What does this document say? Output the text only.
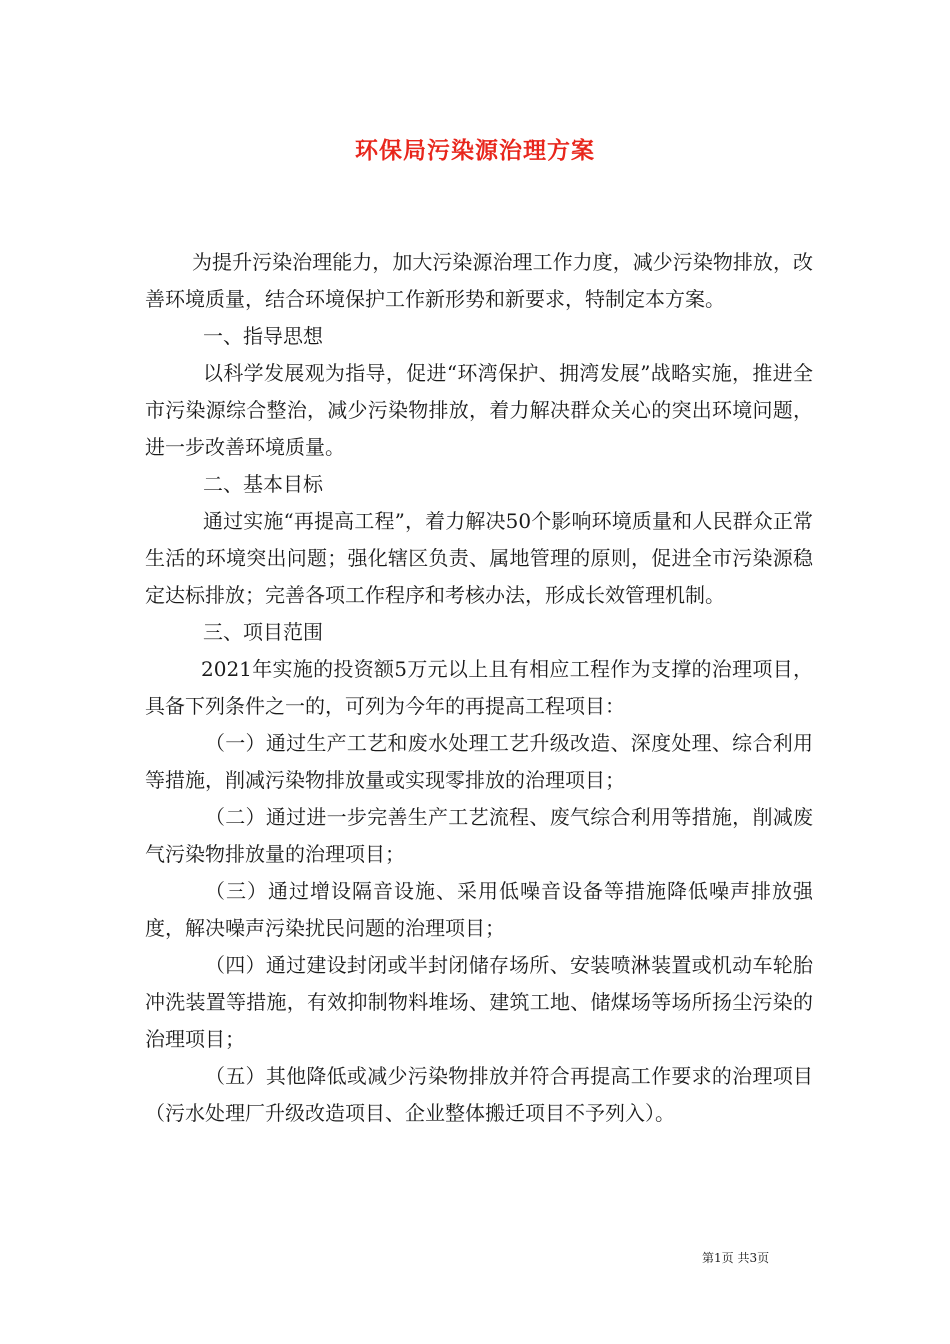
环保局污染源治理方案

为提升污染治理能力，加大污染源治理工作力度，减少污染物排放，改善环境质量，结合环境保护工作新形势和新要求，特制定本方案。

一、指导思想

以科学发展观为指导，促进“环湾保护、拥湾发展”战略实施，推进全市污染源综合整治，减少污染物排放，着力解决群众关心的突出环境问题，进一步改善环境质量。

二、基本目标

通过实施“再提高工程”，着力解决50个影响环境质量和人民群众正常生活的环境突出问题；强化辖区负责、属地管理的原则，促进全市污染源稳定达标排放；完善各项工作程序和考核办法，形成长效管理机制。

三、项目范围

2021年实施的投资额5万元以上且有相应工程作为支撑的治理项目，具备下列条件之一的，可列为今年的再提高工程项目：

（一）通过生产工艺和废水处理工艺升级改造、深度处理、综合利用等措施，削减污染物排放量或实现零排放的治理项目；

（二）通过进一步完善生产工艺流程、废气综合利用等措施，削减废气污染物排放量的治理项目；

（三）通过增设隔音设施、采用低噪音设备等措施降低噪声排放强度，解决噪声污染扰民问题的治理项目；

（四）通过建设封闭或半封闭储存场所、安装喷淋装置或机动车轮胎冲洗装置等措施，有效抑制物料堆场、建筑工地、储煤场等场所扬尘污染的治理项目；

（五）其他降低或减少污染物排放并符合再提高工作要求的治理项目（污水处理厂升级改造项目、企业整体搬迁项目不予列入）。

第1页 共3页
